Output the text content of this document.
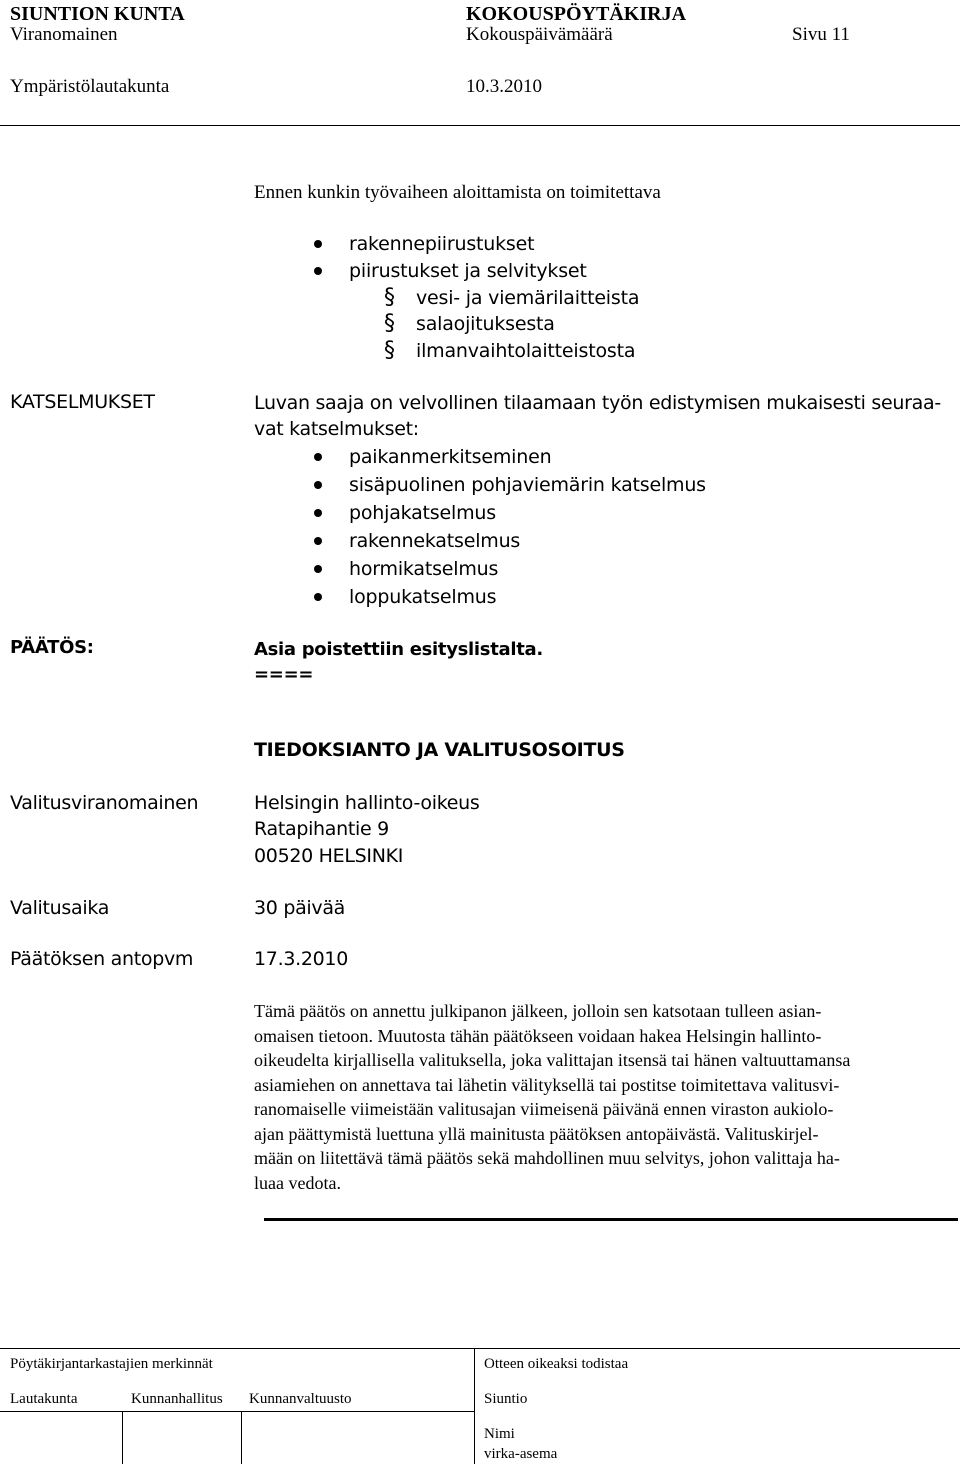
SIUNTION KUNTA	KOKOUSPÖYTÄKIRJA
Viranomainen	Kokouspäivämäärä	Sivu 11
Ympäristölautakunta	10.3.2010
Ennen kunkin työvaiheen aloittamista on toimitettava
rakennepiirustukset
piirustukset ja selvitykset
§ vesi- ja viemärilaitteista
§ salaojituksesta
§ ilmanvaihtolaitteistosta
KATSELMUKSET	Luvan saaja on velvollinen tilaamaan työn edistymisen mukaisesti seuraa-
vat katselmukset:
paikanmerkitseminen
sisäpuolinen pohjaviemärin katselmus
pohjakatselmus
rakennekatselmus
hormikatselmus
loppukatselmus
PÄÄTÖS:	Asia poistettiin esityslistalta.
====
TIEDOKSIANTO JA VALITUSOSOITUS
Valitusviranomainen	Helsingin hallinto-oikeus
Ratapihantie 9
00520 HELSINKI
Valitusaika	30 päivää
Päätöksen antopvm	17.3.2010
Tämä päätös on annettu julkipanon jälkeen, jolloin sen katsotaan tulleen asian-
omaisen tietoon. Muutosta tähän päätökseen voidaan hakea Helsingin hallinto-
oikeudelta kirjallisella valituksella, joka valittajan itsensä tai hänen valtuuttamansa
asiamiehen on annettava tai lähetin välityksellä tai postitse toimitettava valitusvi-
ranomaiselle viimeistään valitusajan viimeisenä päivänä ennen viraston aukiolo-
ajan päättymistä luettuna yllä mainitusta päätöksen antopäivästä. Valituskirjel-
mään on liitettävä tämä päätös sekä mahdollinen muu selvitys, johon valittaja ha-
luaa vedota.
Pöytäkirjantarkastajien merkinnät	Otteen oikeaksi todistaa
Lautakunta	Kunnanhallitus Kunnanvaltuusto	Siuntio
Nimi
virka-asema
